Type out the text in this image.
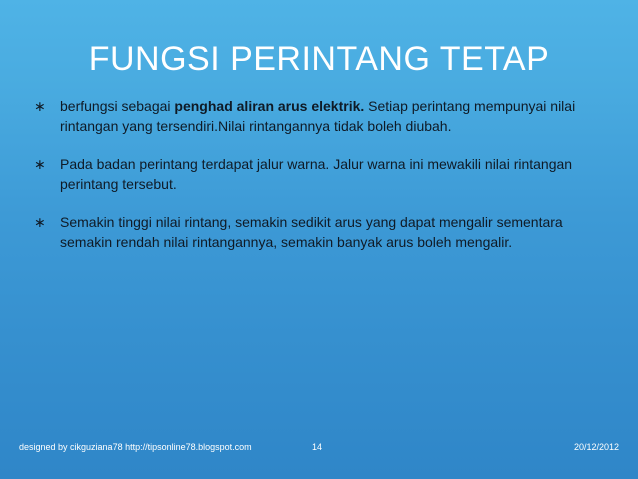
FUNGSI PERINTANG TETAP
∗ berfungsi sebagai penghad aliran arus elektrik. Setiap perintang mempunyai nilai rintangan yang tersendiri.Nilai rintangannya tidak boleh diubah.
∗ Pada badan perintang terdapat jalur warna. Jalur warna ini mewakili nilai rintangan perintang tersebut.
∗ Semakin tinggi nilai rintang, semakin sedikit arus yang dapat mengalir sementara semakin rendah nilai rintangannya, semakin banyak arus boleh mengalir.
designed by cikguziana78 http://tipsonline78.blogspot.com	14	20/12/2012
